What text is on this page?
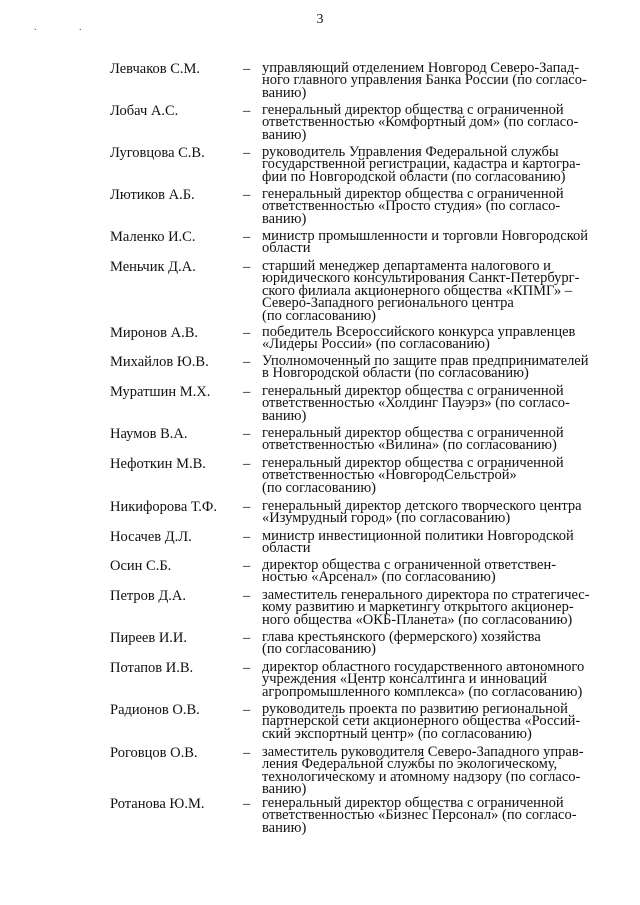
3
. .
Левчаков С.М.	– управляющий отделением Новгород Северо-Запад-
ного главного управления Банка России (по согласо-
ванию)
Лобач А.С.	– генеральный директор общества с ограниченной
ответственностью «Комфортный дом» (по согласо-
ванию)
Луговцова С.В.	– руководитель Управления Федеральной службы
государственной регистрации, кадастра и картогра-
фии по Новгородской области (по согласованию)
Лютиков А.Б.	– генеральный директор общества с ограниченной
ответственностью «Просто студия» (по согласо-
ванию)
Маленко И.С.	– министр промышленности и торговли Новгородской
области
Меньчик Д.А.	– старший менеджер департамента налогового и
юридического консультирования Санкт-Петербург-
ского филиала акционерного общества «КПМГ» –
Северо-Западного регионального центра
(по согласованию)
Миронов А.В.	– победитель Всероссийского конкурса управленцев
«Лидеры России» (по согласованию)
Михайлов Ю.В. – Уполномоченный по защите прав предпринимателей
в Новгородской области (по согласованию)
Муратшин М.Х. – генеральный директор общества с ограниченной
ответственностью «Холдинг Пауэрз» (по согласо-
ванию)
Наумов В.А.	– генеральный директор общества с ограниченной
ответственностью «Вилина» (по согласованию)
Нефоткин М.В.	– генеральный директор общества с ограниченной
ответственностью «НовгородСельстрой»
(по согласованию)
Никифорова Т.Ф. – генеральный директор детского творческого центра
«Изумрудный город» (по согласованию)
Носачев Д.Л.	– министр инвестиционной политики Новгородской
области
Осин С.Б.	– директор общества с ограниченной ответствен-
ностью «Арсенал» (по согласованию)
Петров Д.А.	– заместитель генерального директора по стратегичес-
кому развитию и маркетингу открытого акционер-
ного общества «ОКБ-Планета» (по согласованию)
Пиреев И.И.	– глава крестьянского (фермерского) хозяйства
(по согласованию)
Потапов И.В.	– директор областного государственного автономного
учреждения «Центр консалтинга и инноваций
агропромышленного комплекса» (по согласованию)
Радионов О.В.	– руководитель проекта по развитию региональной
партнерской сети акционерного общества «Россий-
ский экспортный центр» (по согласованию)
Роговцов О.В.	– заместитель руководителя Северо-Западного управ-
ления Федеральной службы по экологическому,
технологическому и атомному надзору (по согласо-
ванию)
Ротанова Ю.М.	– генеральный директор общества с ограниченной
ответственностью «Бизнес Персонал» (по согласо-
ванию)
